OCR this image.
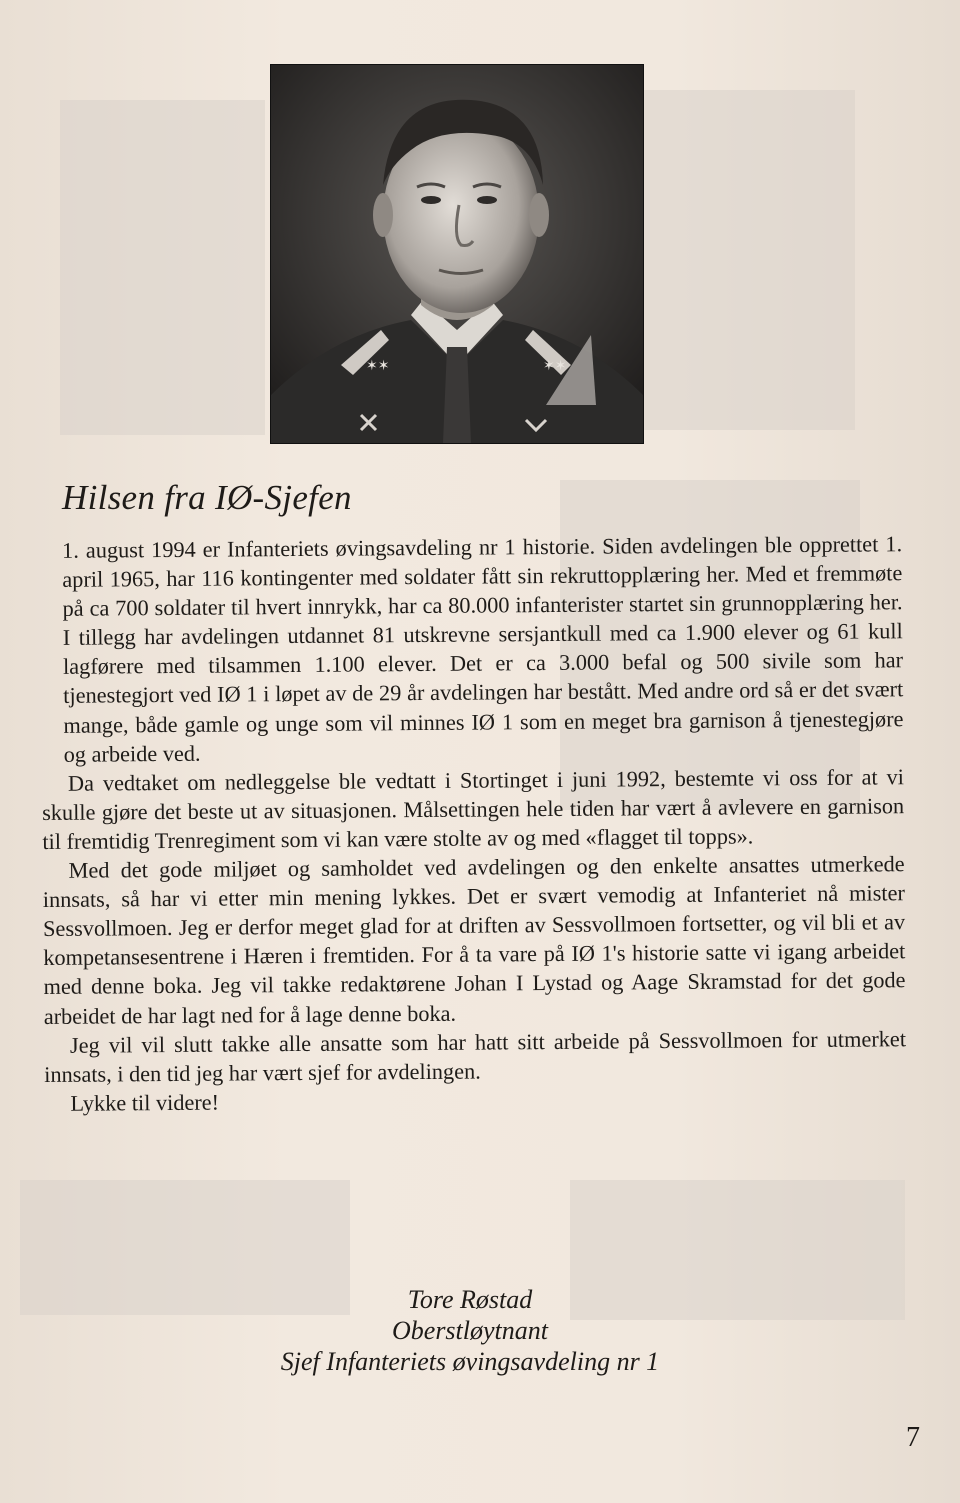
✶✶	✶✶
Hilsen fra IØ-Sjefen

1. august 1994 er Infanteriets øvingsavdeling nr 1 historie. Siden avdelingen ble opprettet 1. april 1965, har 116 kontingenter med soldater fått sin rekruttopplæring her. Med et fremmøte på ca 700 soldater til hvert innrykk, har ca 80.000 infanterister startet sin grunnopplæring her. I tillegg har avdelingen utdannet 81 utskrevne sersjantkull med ca 1.900 elever og 61 kull lagførere med tilsammen 1.100 elever. Det er ca 3.000 befal og 500 sivile som har tjenestegjort ved IØ 1 i løpet av de 29 år avdelingen har bestått. Med andre ord så er det svært mange, både gamle og unge som vil minnes IØ 1 som en meget bra garnison å tjenestegjøre og arbeide ved.

Da vedtaket om nedleggelse ble vedtatt i Stortinget i juni 1992, bestemte vi oss for at vi skulle gjøre det beste ut av situasjonen. Målsettingen hele tiden har vært å avlevere en garnison til fremtidig Trenregiment som vi kan være stolte av og med «flagget til topps».

Med det gode miljøet og samholdet ved avdelingen og den enkelte ansattes utmerkede innsats, så har vi etter min mening lykkes. Det er svært vemodig at Infanteriet nå mister Sessvollmoen. Jeg er derfor meget glad for at driften av Sessvollmoen fortsetter, og vil bli et av kompetansesentrene i Hæren i fremtiden. For å ta vare på IØ 1's historie satte vi igang arbeidet med denne boka. Jeg vil takke redaktørene Johan I Lystad og Aage Skramstad for det gode arbeidet de har lagt ned for å lage denne boka.

Jeg vil vil slutt takke alle ansatte som har hatt sitt arbeide på Sessvollmoen for utmerket innsats, i den tid jeg har vært sjef for avdelingen.

Lykke til videre!

Tore Røstad
Oberstløytnant
Sjef Infanteriets øvingsavdeling nr 1
7
